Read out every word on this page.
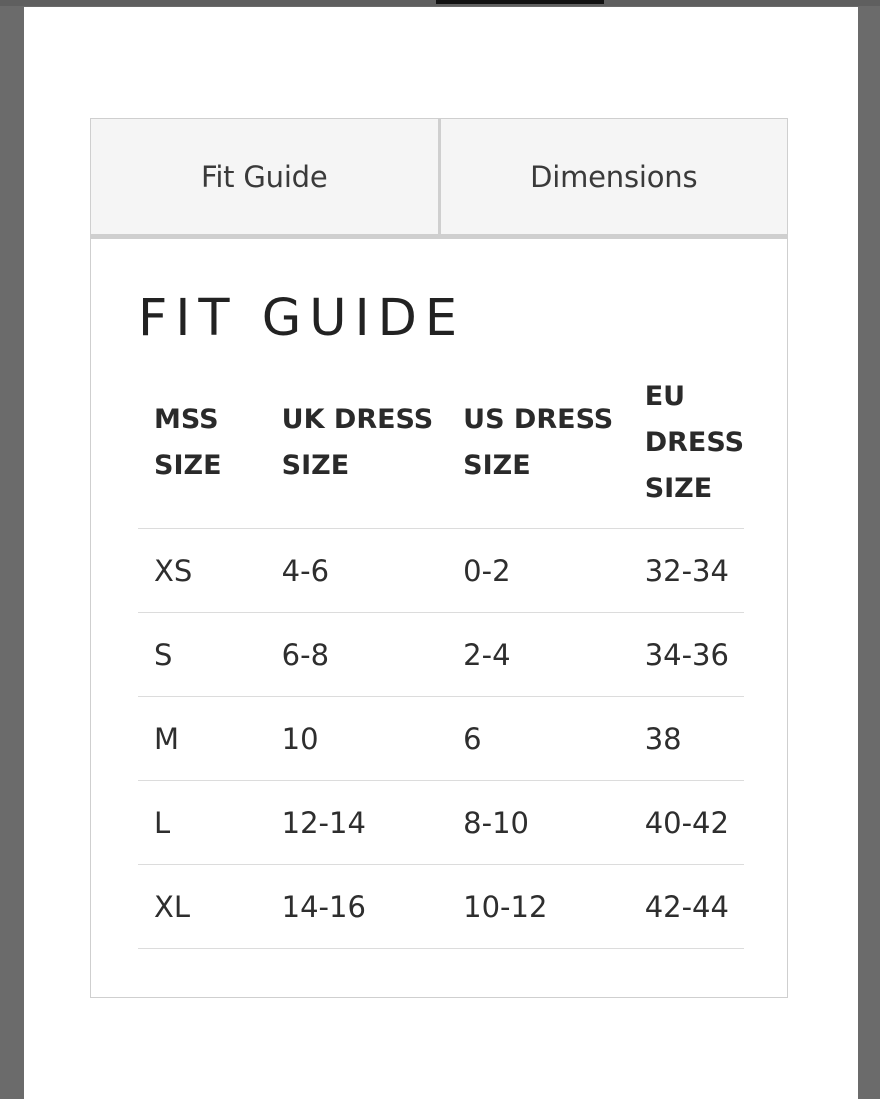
Fit Guide	Dimensions
FIT GUIDE
MSS SIZE	UK DRESS SIZE	US DRESS SIZE	EU DRESS SIZE
XS	4-6	0-2	32-34
S	6-8	2-4	34-36
M	10	6	38
L	12-14	8-10	40-42
XL	14-16	10-12	42-44
